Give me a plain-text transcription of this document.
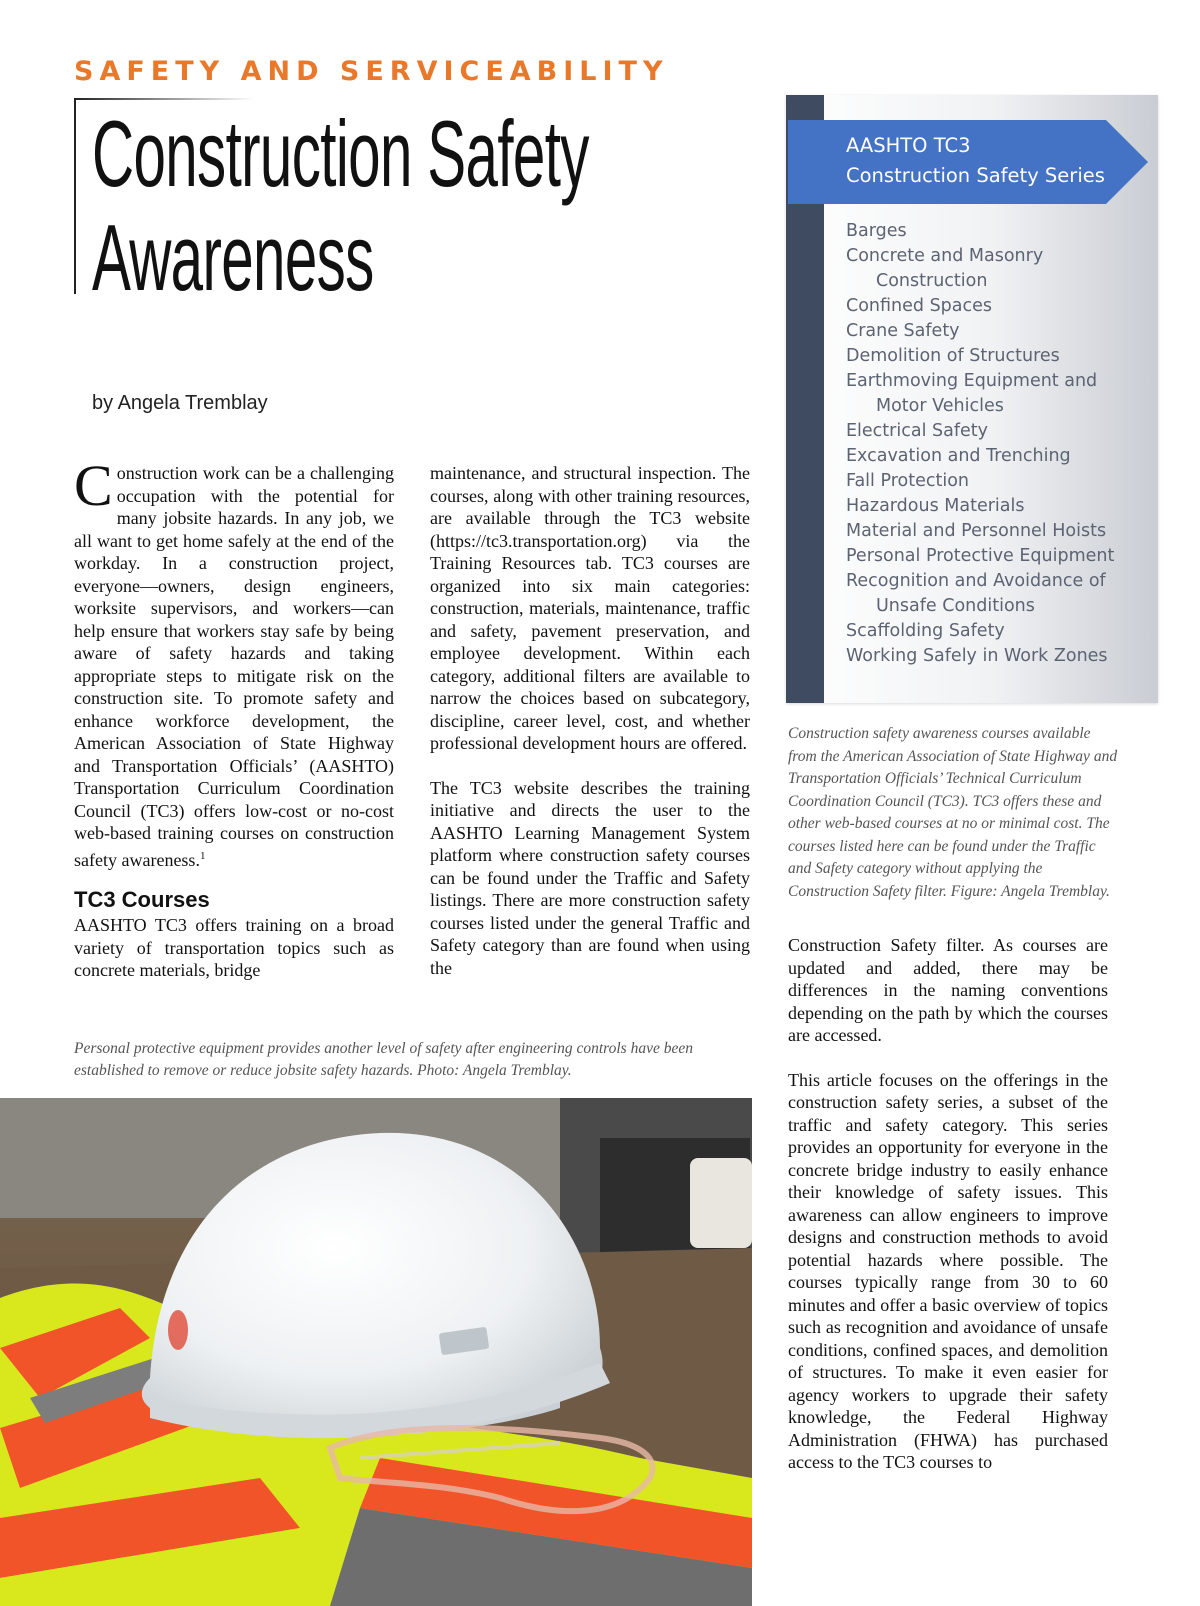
SAFETY AND SERVICEABILITY
Construction Safety
Awareness
by Angela Tremblay

Construction work can be a challenging occupation with the potential for many jobsite hazards. In any job, we all want to get home safely at the end of the workday. In a construction project, everyone—owners, design engineers, worksite supervisors, and workers—can help ensure that workers stay safe by being aware of safety hazards and taking appropriate steps to mitigate risk on the construction site. To promote safety and enhance workforce development, the American Association of State Highway and Transportation Officials’ (AASHTO) Transportation Curriculum Coordination Council (TC3) offers low-cost or no-cost web-based training courses on construction safety awareness.$^1$

TC3 Courses

AASHTO TC3 offers training on a broad variety of transportation topics such as concrete materials, bridge

maintenance, and structural inspection. The courses, along with other training resources, are available through the TC3 website (https://tc3.transportation.org) via the Training Resources tab. TC3 courses are organized into six main categories: construction, materials, maintenance, traffic and safety, pavement preservation, and employee development. Within each category, additional filters are available to narrow the choices based on subcategory, discipline, career level, cost, and whether professional development hours are offered.

The TC3 website describes the training initiative and directs the user to the AASHTO Learning Management System platform where construction safety courses can be found under the Traffic and Safety listings. There are more construction safety courses listed under the general Traffic and Safety category than are found when using the

Personal protective equipment provides another level of safety after engineering controls have been established to remove or reduce jobsite safety hazards. Photo: Angela Tremblay.
AASHTO TC3
Construction Safety Series
Barges
Concrete and Masonry Construction
Confined Spaces
Crane Safety
Demolition of Structures
Earthmoving Equipment and Motor Vehicles
Electrical Safety
Excavation and Trenching
Fall Protection
Hazardous Materials
Material and Personnel Hoists
Personal Protective Equipment
Recognition and Avoidance of Unsafe Conditions
Scaffolding Safety
Working Safely in Work Zones
Construction safety awareness courses available from the American Association of State Highway and Transportation Officials’ Technical Curriculum Coordination Council (TC3). TC3 offers these and other web-based courses at no or minimal cost. The courses listed here can be found under the Traffic and Safety category without applying the Construction Safety filter. Figure: Angela Tremblay.

Construction Safety filter. As courses are updated and added, there may be differences in the naming conventions depending on the path by which the courses are accessed.

This article focuses on the offerings in the construction safety series, a subset of the traffic and safety category. This series provides an opportunity for everyone in the concrete bridge industry to easily enhance their knowledge of safety issues. This awareness can allow engineers to improve designs and construction methods to avoid potential hazards where possible. The courses typically range from 30 to 60 minutes and offer a basic overview of topics such as recognition and avoidance of unsafe conditions, confined spaces, and demolition of structures. To make it even easier for agency workers to upgrade their safety knowledge, the Federal Highway Administration (FHWA) has purchased access to the TC3 courses to
